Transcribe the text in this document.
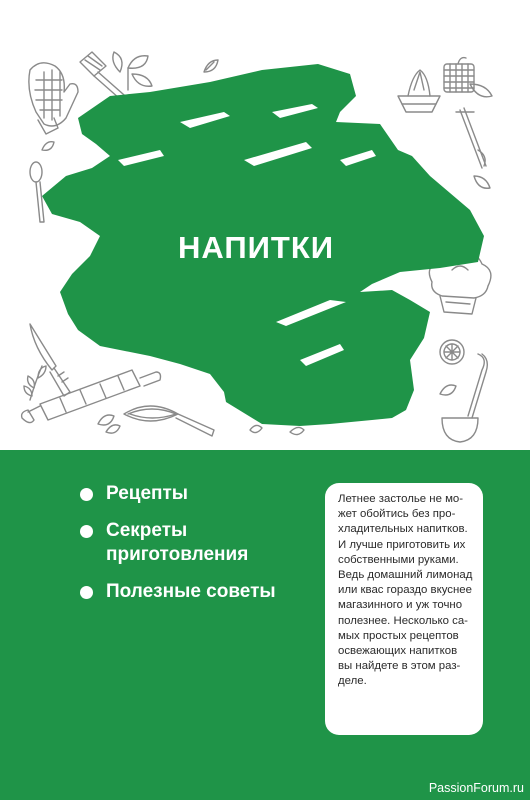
НАПИТКИ
Рецепты
Секреты приготовления
Полезные советы
Летнее застолье не мо-
жет обойтись без про-
хладительных напитков.
И лучше приготовить их
собственными руками.
Ведь домашний лимонад
или квас гораздо вкуснее
магазинного и уж точно
полезнее. Несколько са-
мых простых рецептов
освежающих напитков
вы найдете в этом раз-
деле.
PassionForum.ru
